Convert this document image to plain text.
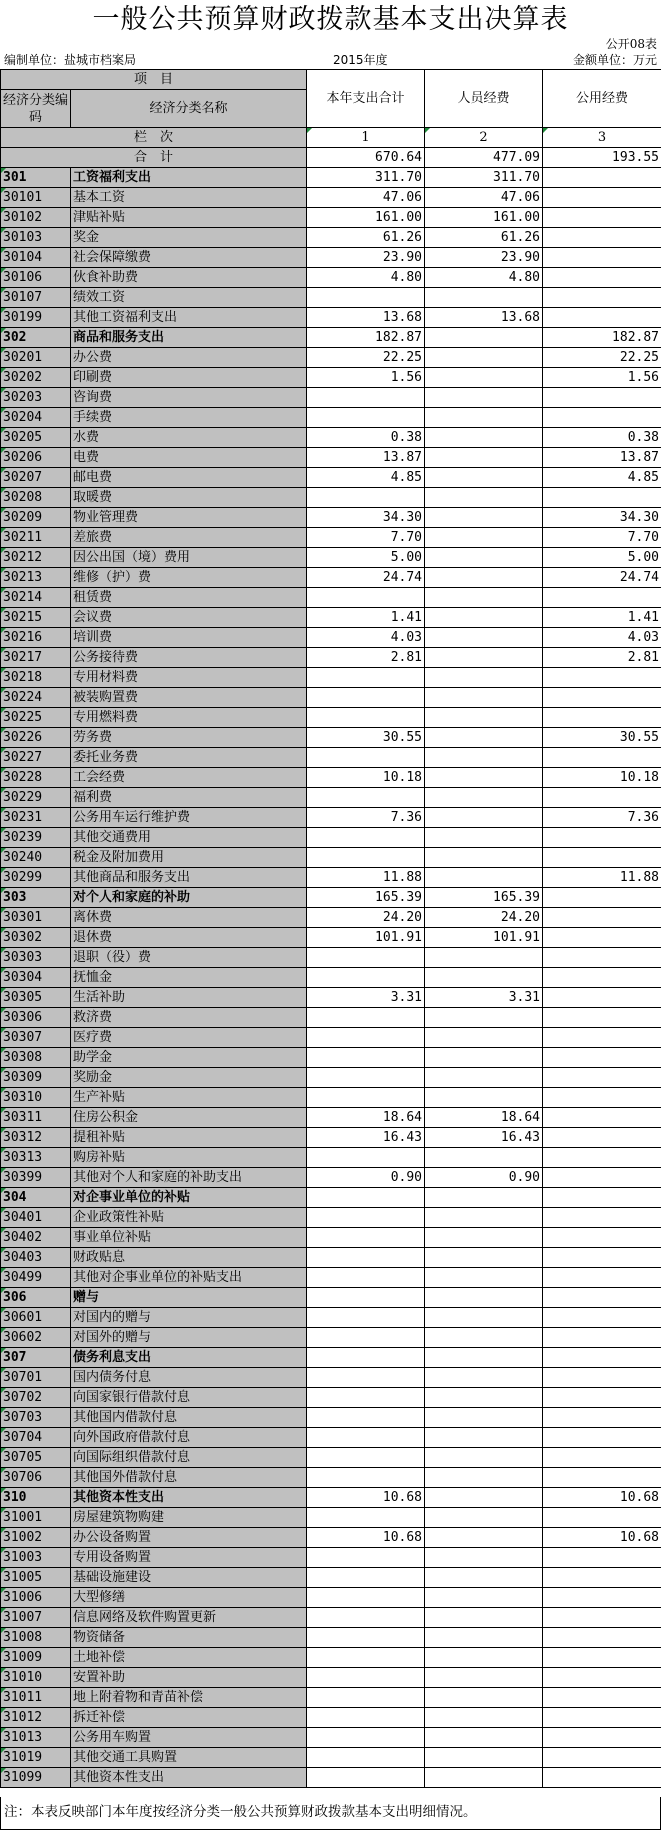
一般公共预算财政拨款基本支出决算表
公开08表
编制单位：盐城市档案局	2015年度	金额单位：万元
项　目		本年支出合计	人员经费	公用经费
经济分类编码	经济分类名称			
栏　次		1	2	3
合　计		670.64	477.09	193.55
301	工资福利支出	311.70	311.70	
30101	基本工资	47.06	47.06	
30102	津贴补贴	161.00	161.00	
30103	奖金	61.26	61.26	
30104	社会保障缴费	23.90	23.90	
30106	伙食补助费	4.80	4.80	
30107	绩效工资			
30199	其他工资福利支出	13.68	13.68	
302	商品和服务支出	182.87		182.87
30201	办公费	22.25		22.25
30202	印刷费	1.56		1.56
30203	咨询费			
30204	手续费			
30205	水费	0.38		0.38
30206	电费	13.87		13.87
30207	邮电费	4.85		4.85
30208	取暖费			
30209	物业管理费	34.30		34.30
30211	差旅费	7.70		7.70
30212	因公出国（境）费用	5.00		5.00
30213	维修（护）费	24.74		24.74
30214	租赁费			
30215	会议费	1.41		1.41
30216	培训费	4.03		4.03
30217	公务接待费	2.81		2.81
30218	专用材料费			
30224	被装购置费			
30225	专用燃料费			
30226	劳务费	30.55		30.55
30227	委托业务费			
30228	工会经费	10.18		10.18
30229	福利费			
30231	公务用车运行维护费	7.36		7.36
30239	其他交通费用			
30240	税金及附加费用			
30299	其他商品和服务支出	11.88		11.88
303	对个人和家庭的补助	165.39	165.39	
30301	离休费	24.20	24.20	
30302	退休费	101.91	101.91	
30303	退职（役）费			
30304	抚恤金			
30305	生活补助	3.31	3.31	
30306	救济费			
30307	医疗费			
30308	助学金			
30309	奖励金			
30310	生产补贴			
30311	住房公积金	18.64	18.64	
30312	提租补贴	16.43	16.43	
30313	购房补贴			
30399	其他对个人和家庭的补助支出	0.90	0.90	
304	对企事业单位的补贴			
30401	企业政策性补贴			
30402	事业单位补贴			
30403	财政贴息			
30499	其他对企事业单位的补贴支出			
306	赠与			
30601	对国内的赠与			
30602	对国外的赠与			
307	债务利息支出			
30701	国内债务付息			
30702	向国家银行借款付息			
30703	其他国内借款付息			
30704	向外国政府借款付息			
30705	向国际组织借款付息			
30706	其他国外借款付息			
310	其他资本性支出	10.68		10.68
31001	房屋建筑物购建			
31002	办公设备购置	10.68		10.68
31003	专用设备购置			
31005	基础设施建设			
31006	大型修缮			
31007	信息网络及软件购置更新			
31008	物资储备			
31009	土地补偿			
31010	安置补助			
31011	地上附着物和青苗补偿			
31012	拆迁补偿			
31013	公务用车购置			
31019	其他交通工具购置			
31099	其他资本性支出			
注：本表反映部门本年度按经济分类一般公共预算财政拨款基本支出明细情况。
